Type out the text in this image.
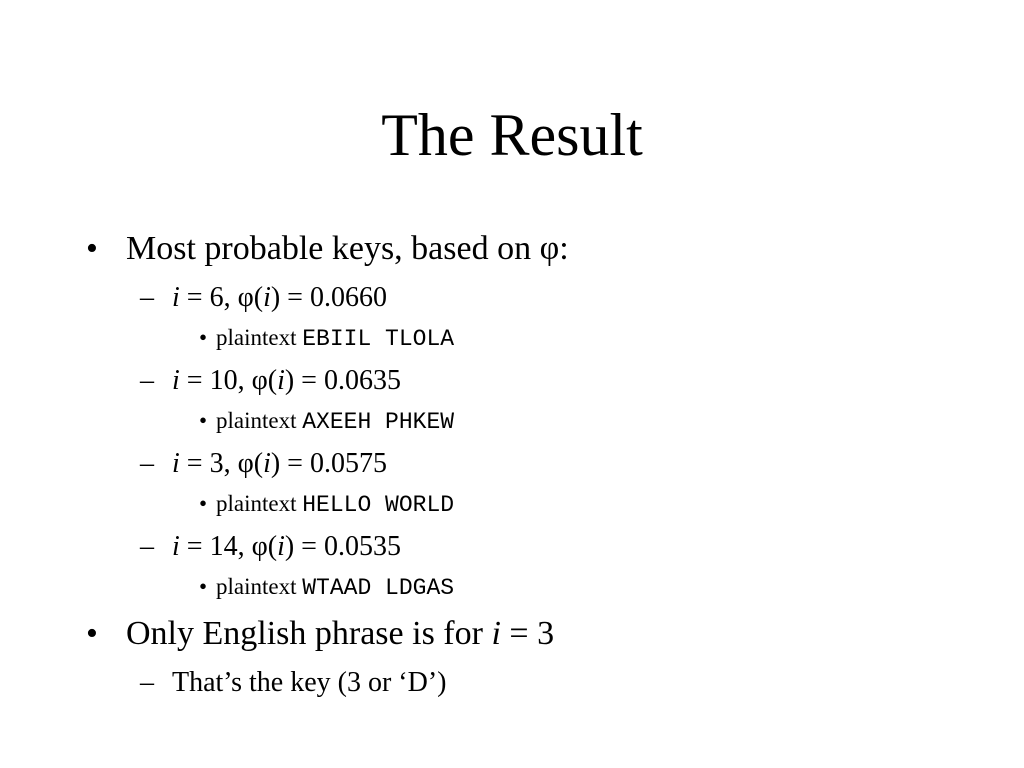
The Result
• Most probable keys, based on φ:
– i = 6, φ(i) = 0.0660
• plaintext EBIIL TLOLA
– i = 10, φ(i) = 0.0635
• plaintext AXEEH PHKEW
– i = 3, φ(i) = 0.0575
• plaintext HELLO WORLD
– i = 14, φ(i) = 0.0535
• plaintext WTAAD LDGAS
• Only English phrase is for i = 3
– That’s the key (3 or ‘D’)
